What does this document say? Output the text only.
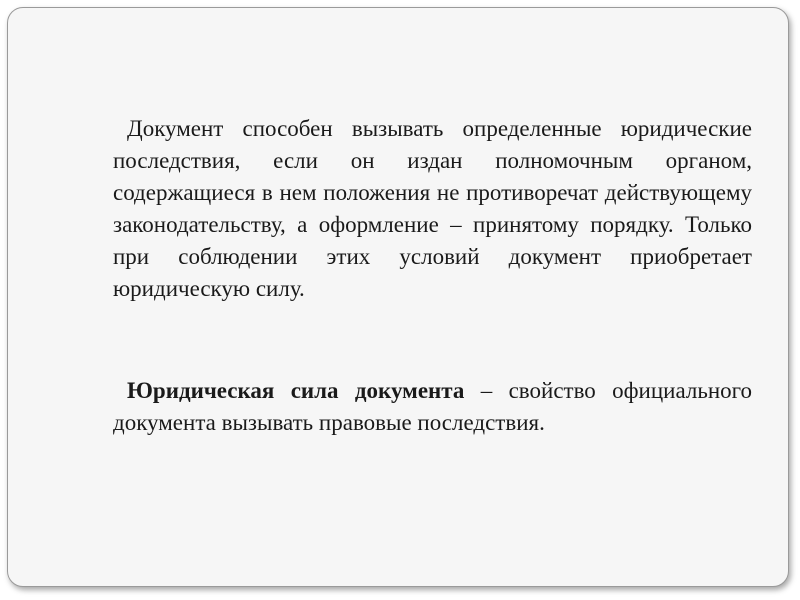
Документ способен вызывать определенные юридические последствия, если он издан полномочным органом, содержащиеся в нем положения не противоречат действующему законодательству, а оформление – принятому порядку. Только при соблюдении этих условий документ приобретает юридическую силу.
Юридическая сила документа – свойство официального документа вызывать правовые последствия.
